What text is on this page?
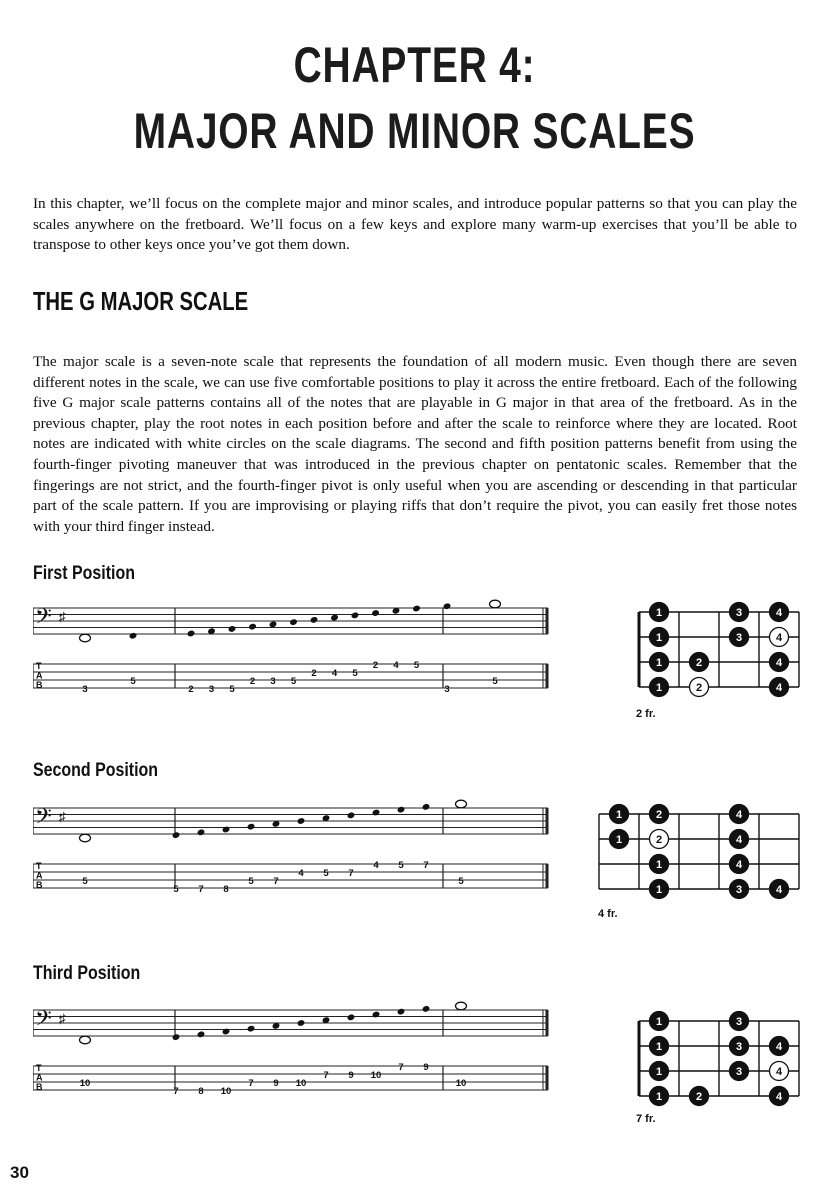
CHAPTER 4:
MAJOR AND MINOR SCALES

In this chapter, we’ll focus on the complete major and minor scales, and introduce popular patterns so that you can play the scales anywhere on the fretboard. We’ll focus on a few keys and explore many warm-up exercises that you’ll be able to transpose to other keys once you’ve got them down.

THE G MAJOR SCALE

The major scale is a seven-note scale that represents the foundation of all modern music. Even though there are seven different notes in the scale, we can use five comfortable positions to play it across the entire fretboard. Each of the following five G major scale patterns contains all of the notes that are playable in G major in that area of the fretboard. As in the previous chapter, play the root notes in each position before and after the scale to reinforce where they are located. Root notes are indicated with white circles on the scale diagrams. The second and fifth position patterns benefit from using the fourth-finger pivoting maneuver that was introduced in the previous chapter on pentatonic scales. Remember that the fingerings are not strict, and the fourth-finger pivot is only useful when you are ascending or descending in that particular part of the scale pattern. If you are improvising or playing riffs that don’t require the pivot, you can easily fret those notes with your third finger instead.

First Position
𝄢 ♯
T
A
B	3
5
2 3 5
2 3 5
2 4 5
2 4 5
3
5
1	3	4
1	3	4
1	2	4
1	2	4
2 fr.
Second Position
𝄢 ♯
T
A
B	5
5 7 8
5 7
4 5 7
4 5 7
5
1	2	4
1	2	4
1	4
1	3	4
4 fr.
Third Position
𝄢 ♯
T
A
B	10
7 8 10
7 9 10
7 9 10
7 9
10
1	3
1	3	4
1	3	4
1	2	4
7 fr.
30
